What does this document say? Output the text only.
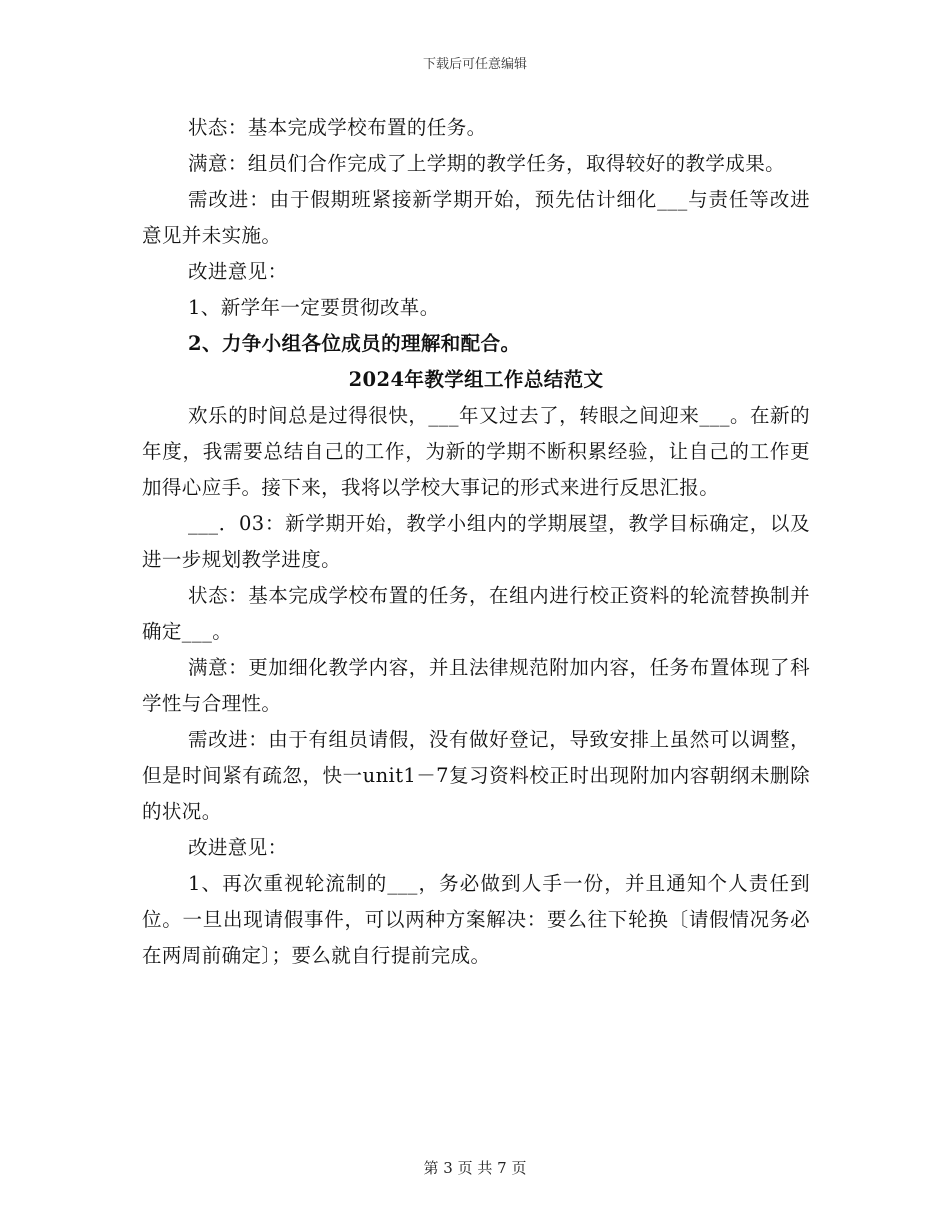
下载后可任意编辑

状态：基本完成学校布置的任务。

满意：组员们合作完成了上学期的教学任务，取得较好的教学成果。

需改进：由于假期班紧接新学期开始，预先估计细化___与责任等改进意见并未实施。

改进意见：

1、新学年一定要贯彻改革。

2、力争小组各位成员的理解和配合。

2024年教学组工作总结范文

欢乐的时间总是过得很快，___年又过去了，转眼之间迎来___。在新的年度，我需要总结自己的工作，为新的学期不断积累经验，让自己的工作更加得心应手。接下来，我将以学校大事记的形式来进行反思汇报。

___．03：新学期开始，教学小组内的学期展望，教学目标确定，以及进一步规划教学进度。

状态：基本完成学校布置的任务，在组内进行校正资料的轮流替换制并确定___。

满意：更加细化教学内容，并且法律规范附加内容，任务布置体现了科学性与合理性。

需改进：由于有组员请假，没有做好登记，导致安排上虽然可以调整，但是时间紧有疏忽，快一unit1－7复习资料校正时出现附加内容朝纲未删除的状况。

改进意见：

1、再次重视轮流制的___，务必做到人手一份，并且通知个人责任到位。一旦出现请假事件，可以两种方案解决：要么往下轮换〔请假情况务必在两周前确定〕；要么就自行提前完成。

第 3 页 共 7 页
